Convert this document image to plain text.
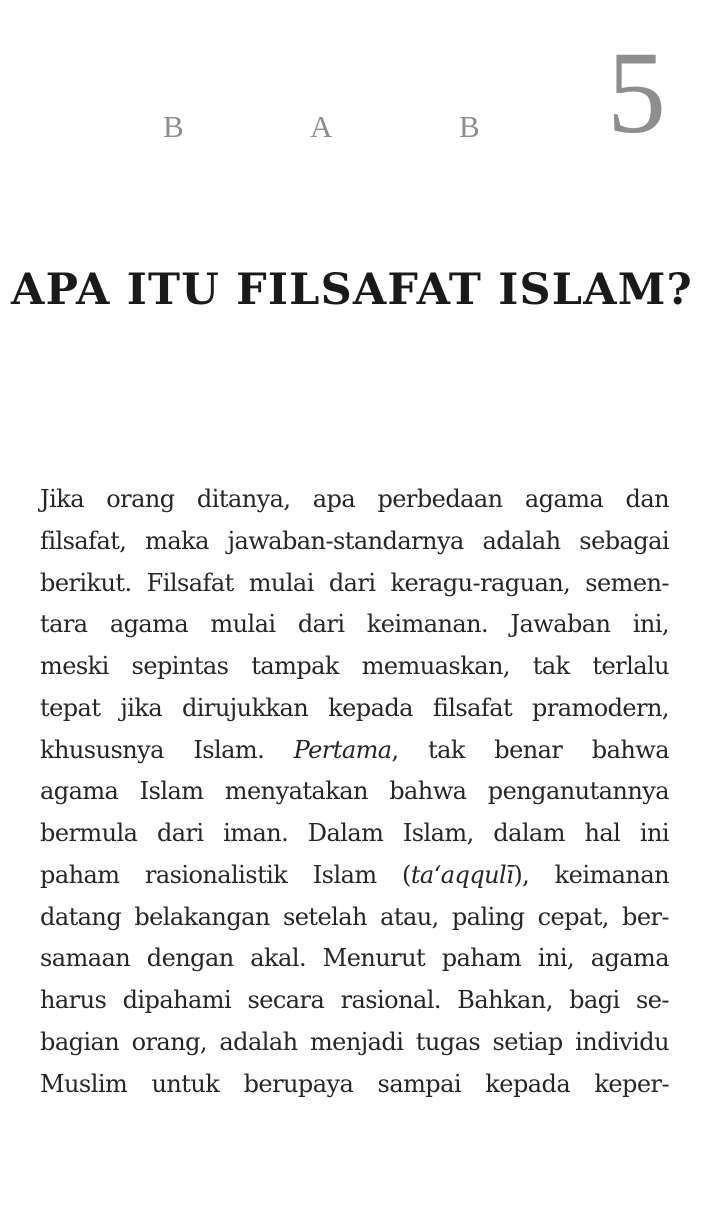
B	A	B 5
APA ITU FILSAFAT ISLAM?
Jika orang ditanya, apa perbedaan agama dan
filsafat, maka jawaban-standarnya adalah sebagai
berikut. Filsafat mulai dari keragu-raguan, semen-
tara agama mulai dari keimanan. Jawaban ini,
meski sepintas tampak memuaskan, tak terlalu
tepat jika dirujukkan kepada filsafat pramodern,
khususnya Islam. Pertama, tak benar bahwa
agama Islam menyatakan bahwa penganutannya
bermula dari iman. Dalam Islam, dalam hal ini
paham rasionalistik Islam (ta‘aqqulī), keimanan
datang belakangan setelah atau, paling cepat, ber-
samaan dengan akal. Menurut paham ini, agama
harus dipahami secara rasional. Bahkan, bagi se-
bagian orang, adalah menjadi tugas setiap individu
Muslim untuk berupaya sampai kepada keper-
